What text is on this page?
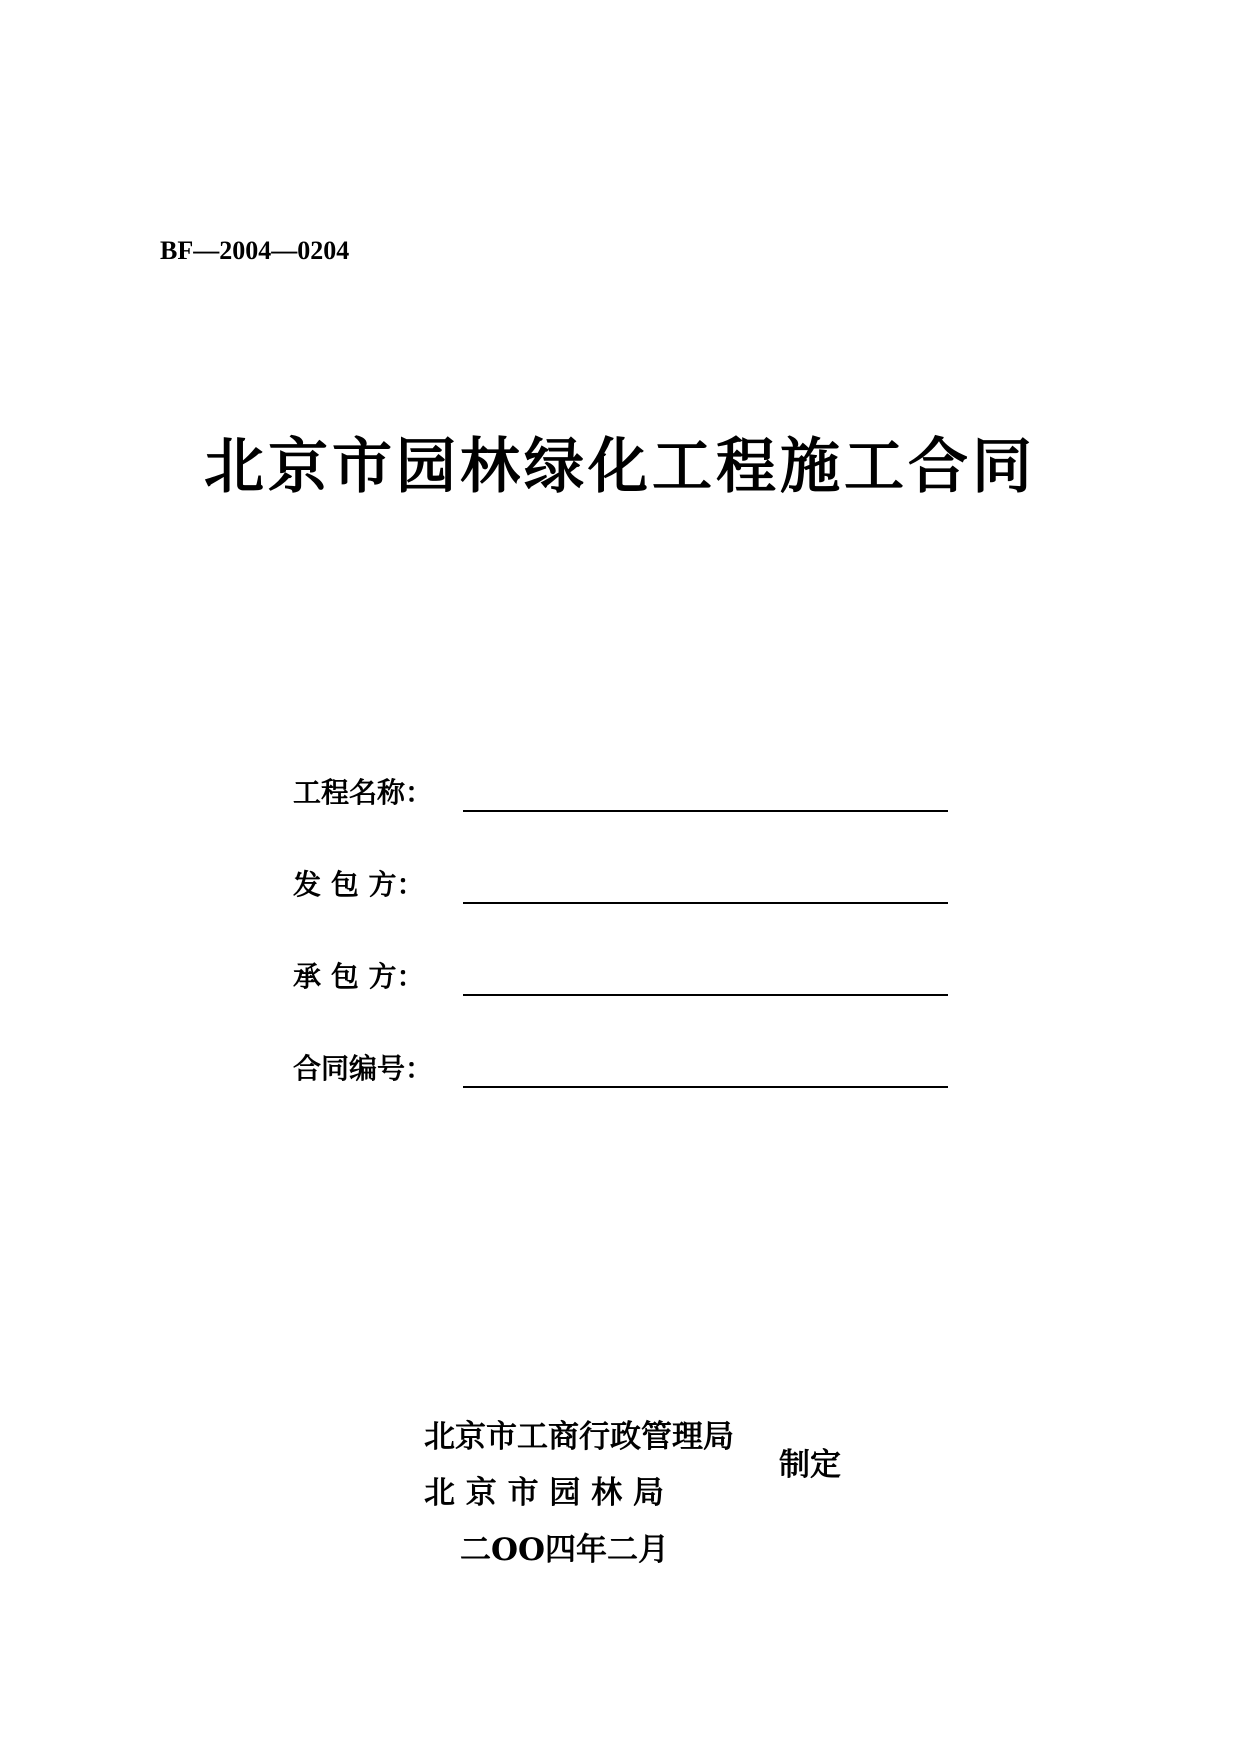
BF—2004—0204
北京市园林绿化工程施工合同
工程名称：
发 包 方：
承 包 方：
合同编号：
北京市工商行政管理局
北 京 市 园 林 局
制定
二OO四年二月
